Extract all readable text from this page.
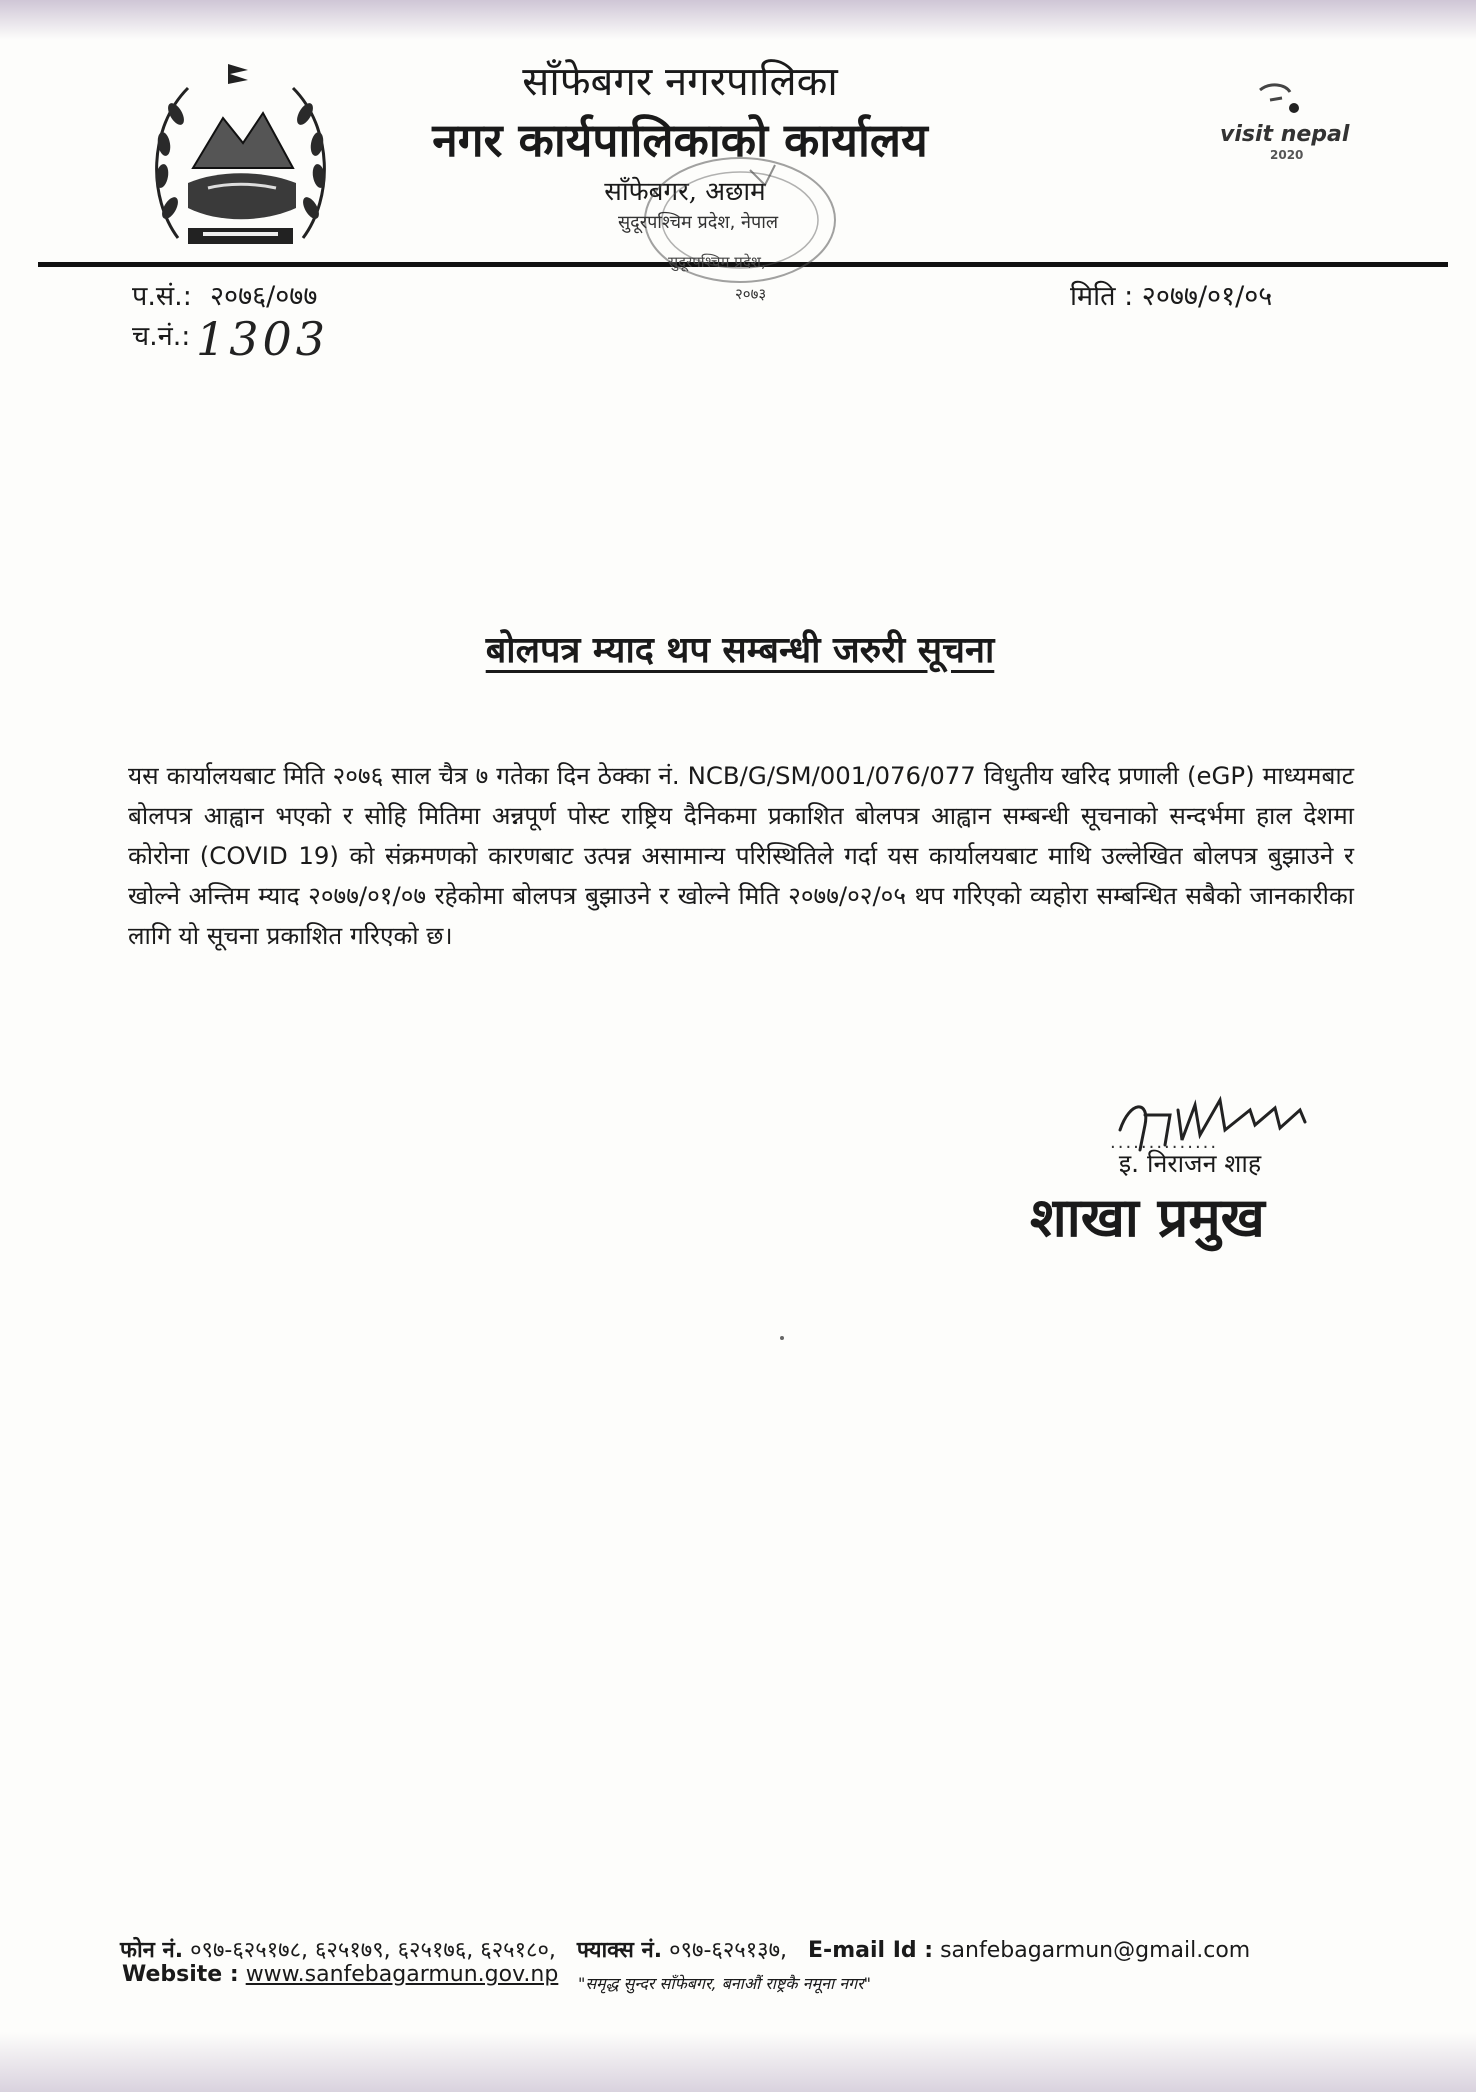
साँफेबगर नगरपालिका
नगर कार्यपालिकाको कार्यालय
साँफेबगर, अछाम
visit nepal
2020
सुदूरपश्चिम प्रदेश, नेपाल
सुदूरपश्चिम प्रदेश,
२०७३
प.सं.: २०७६/०७७
च.नं.: 1303
मिति : २०७७/०१/०५
बोलपत्र म्याद थप सम्बन्धी जरुरी सूचना
यस कार्यालयबाट मिति २०७६ साल चैत्र ७ गतेका दिन ठेक्का नं. NCB/G/SM/001/076/077 विधुतीय खरिद प्रणाली (eGP) माध्यमबाट बोलपत्र आह्वान भएको र सोहि मितिमा अन्नपूर्ण पोस्ट राष्ट्रिय दैनिकमा प्रकाशित बोलपत्र आह्वान सम्बन्धी सूचनाको सन्दर्भमा हाल देशमा कोरोना (COVID 19) को संक्रमणको कारणबाट उत्पन्न असामान्य परिस्थितिले गर्दा यस कार्यालयबाट माथि उल्लेखित बोलपत्र बुझाउने र खोल्ने अन्तिम म्याद २०७७/०१/०७ रहेकोमा बोलपत्र बुझाउने र खोल्ने मिति २०७७/०२/०५ थप गरिएको व्यहोरा सम्बन्धित सबैको जानकारीका लागि यो सूचना प्रकाशित गरिएको छ।
..............
इ. निराजन शाह
शाखा प्रमुख
फोन नं. ०९७-६२५१७८, ६२५१७९, ६२५१७६, ६२५१८०, फ्याक्स नं. ०९७-६२५१३७, E-mail Id : sanfebagarmun@gmail.com
Website : www.sanfebagarmun.gov.np "समृद्ध सुन्दर साँफेबगर, बनाऔं राष्ट्रकै नमूना नगर"
